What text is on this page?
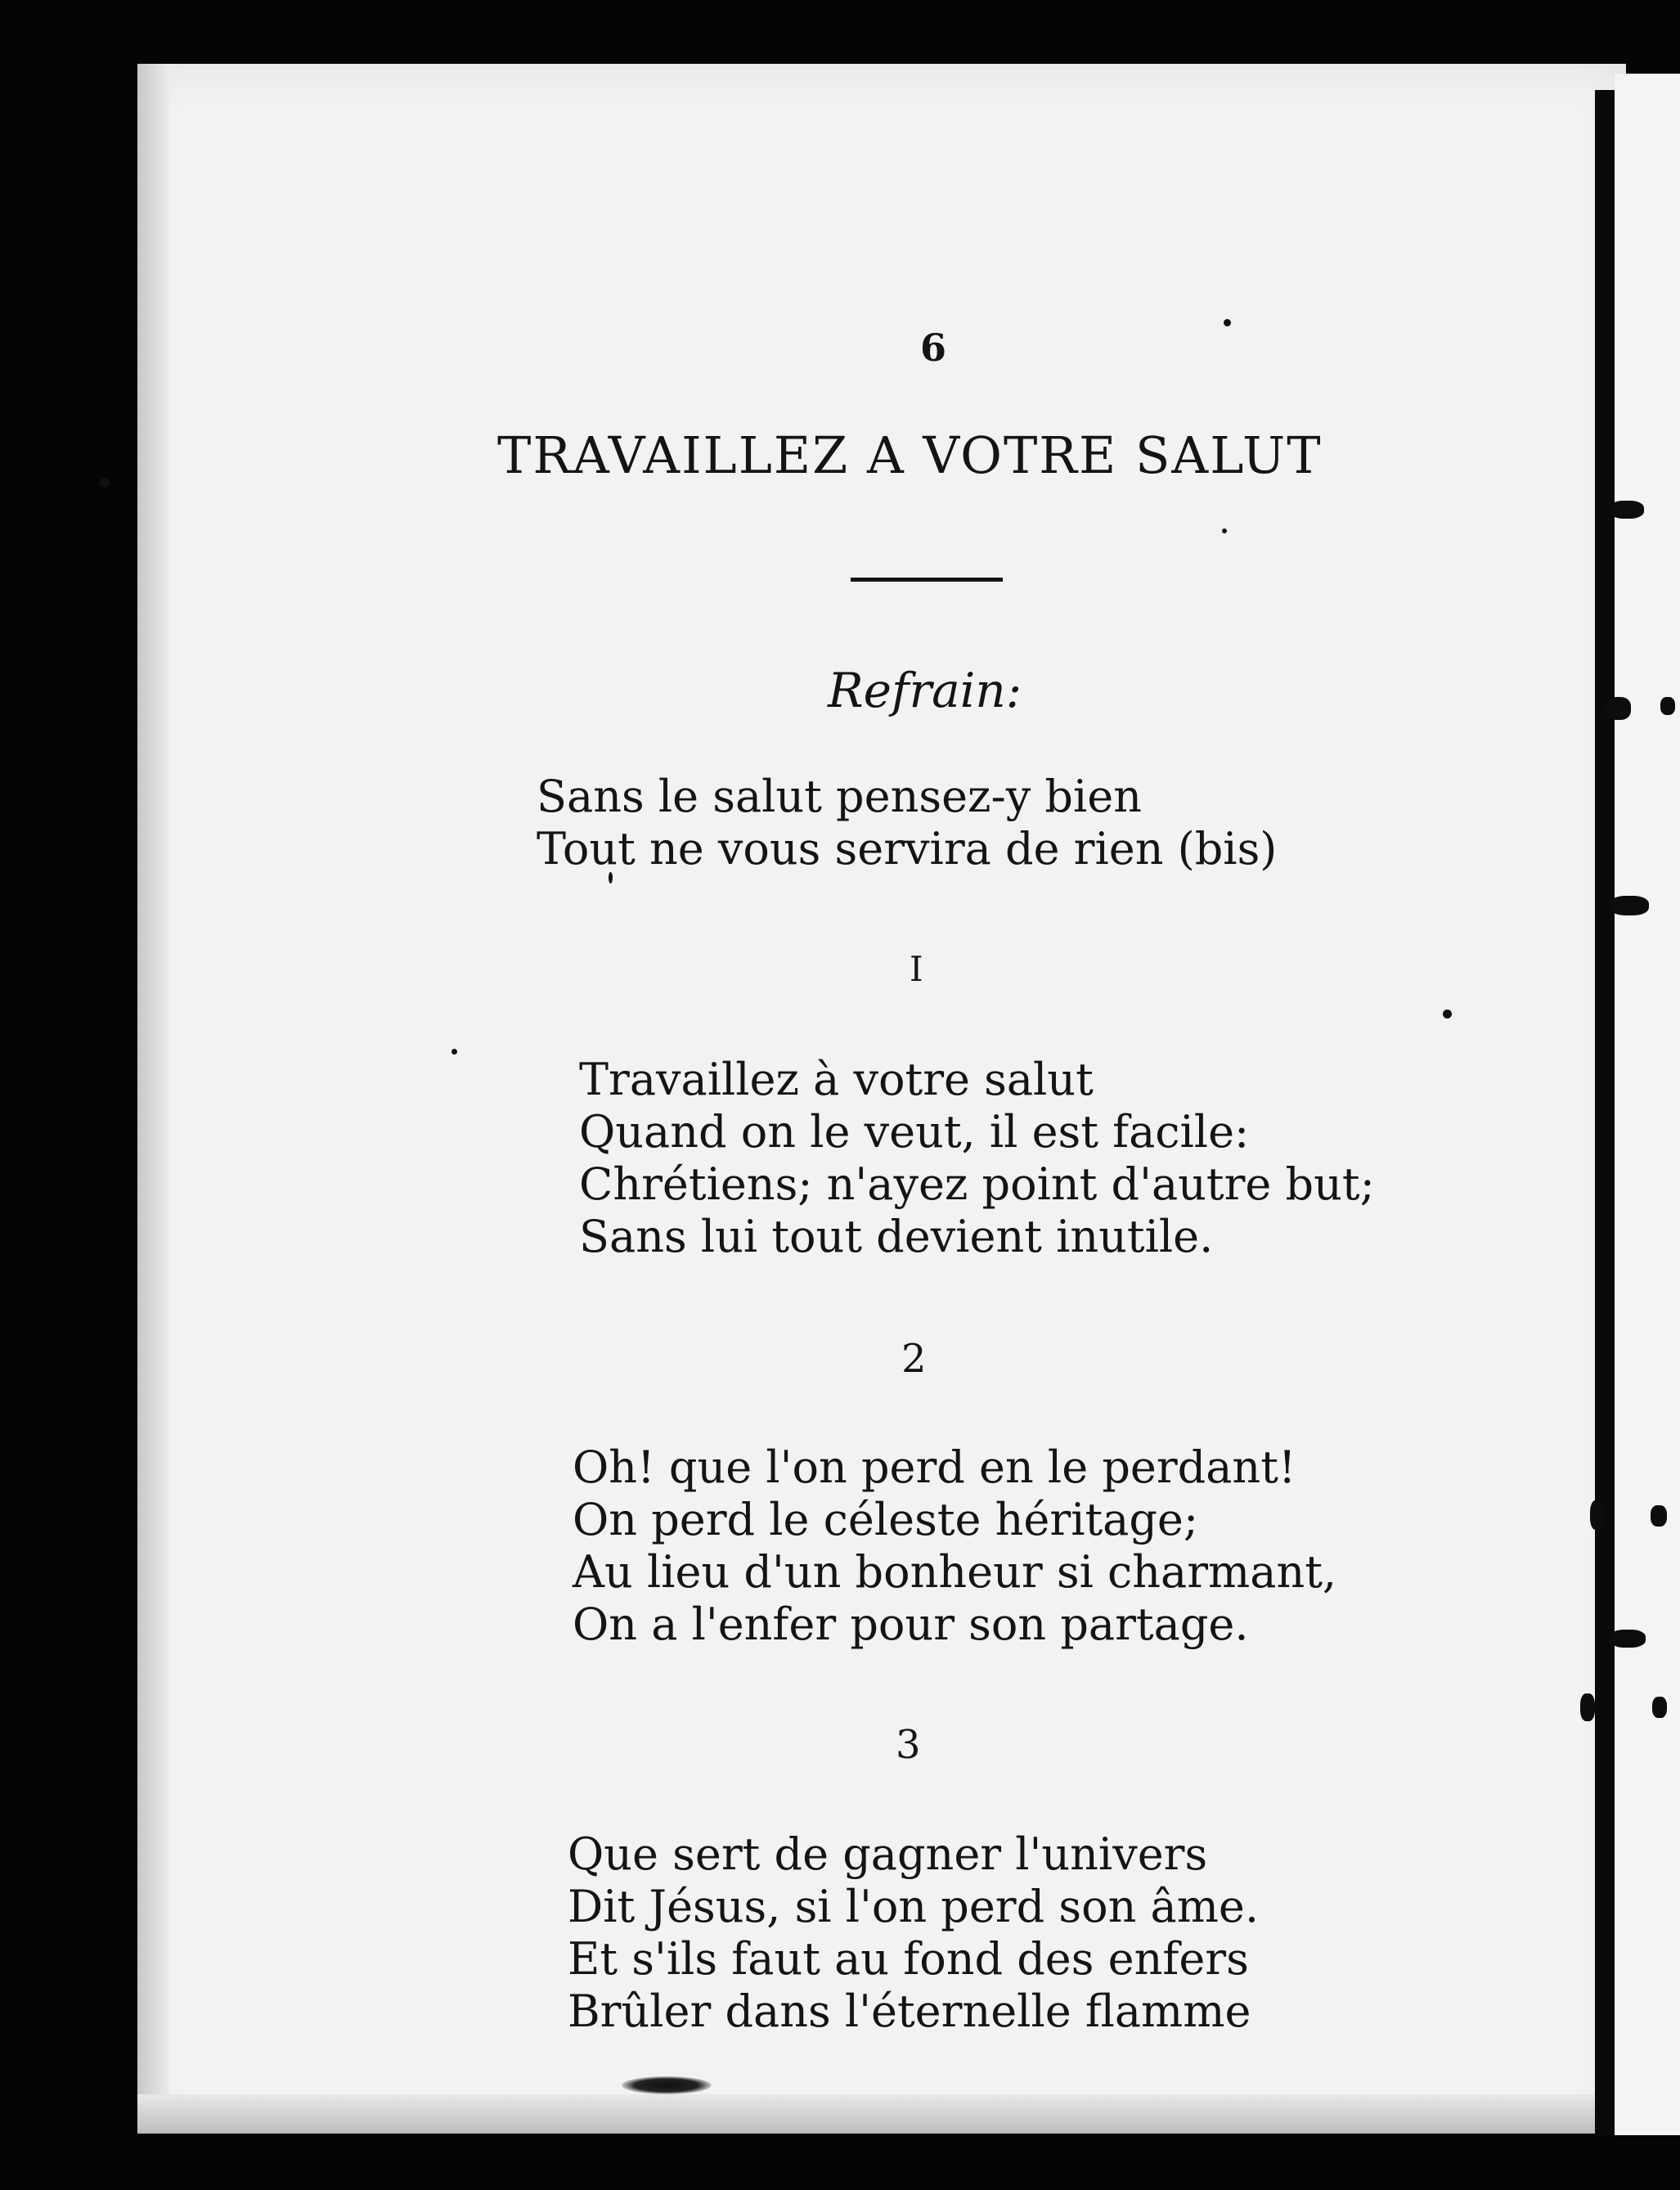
6
TRAVAILLEZ A VOTRE SALUT
Refrain:
Sans le salut pensez-y bien
Tout ne vous servira de rien (bis)
I
Travaillez à votre salut
Quand on le veut, il est facile:
Chrétiens; n'ayez point d'autre but;
Sans lui tout devient inutile.
2
Oh! que l'on perd en le perdant!
On perd le céleste héritage;
Au lieu d'un bonheur si charmant,
On a l'enfer pour son partage.
3
Que sert de gagner l'univers
Dit Jésus, si l'on perd son âme.
Et s'ils faut au fond des enfers
Brûler dans l'éternelle flamme
